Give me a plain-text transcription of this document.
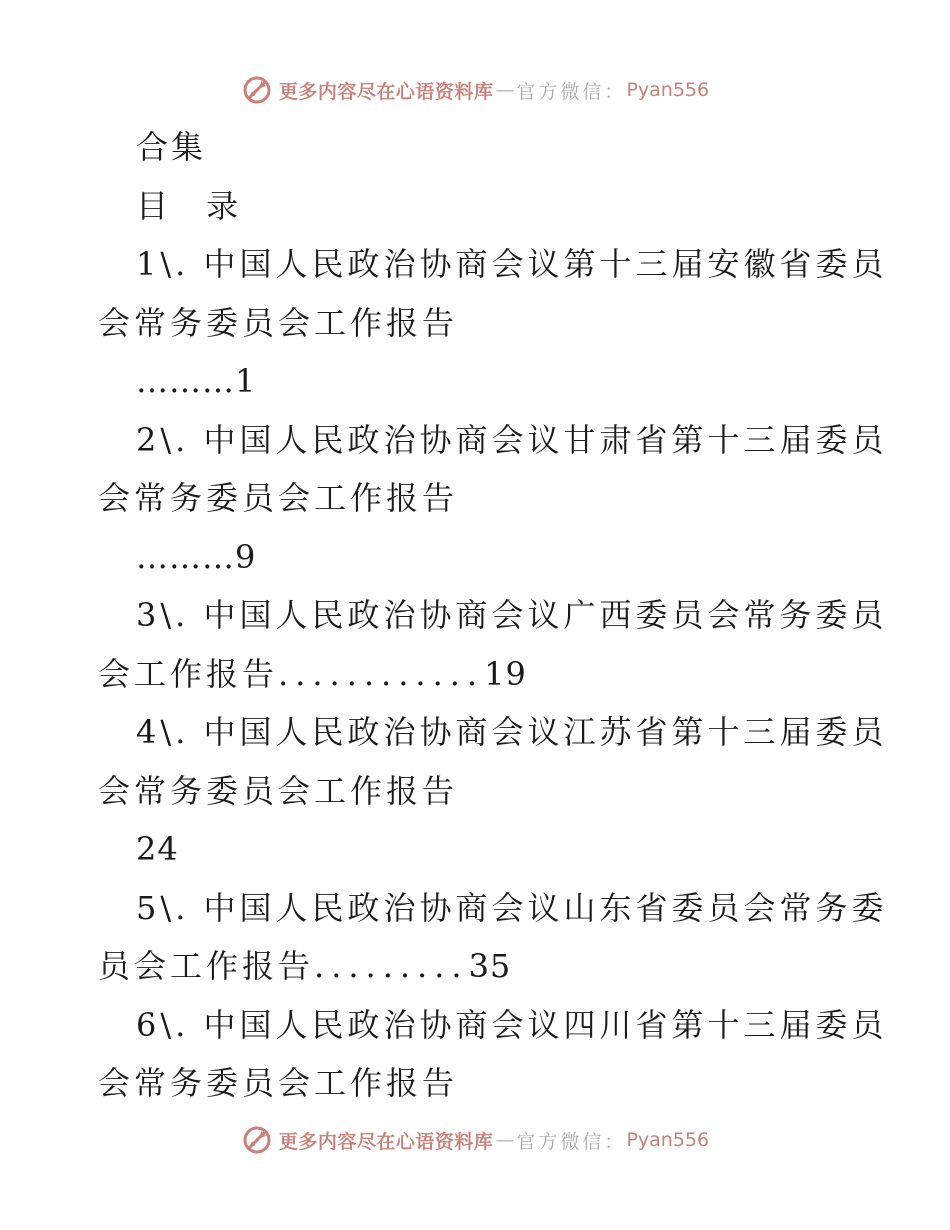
更多内容尽在心语资料库 — 官方微信： Pyan556
合集
目 录
1\. 中国人民政治协商会议第十三届安徽省委员
会常务委员会工作报告
………1
2\. 中国人民政治协商会议甘肃省第十三届委员
会常务委员会工作报告
………9
3\. 中国人民政治协商会议广西委员会常务委员
会工作报告............19
4\. 中国人民政治协商会议江苏省第十三届委员
会常务委员会工作报告
24
5\. 中国人民政治协商会议山东省委员会常务委
员会工作报告.........35
6\. 中国人民政治协商会议四川省第十三届委员
会常务委员会工作报告
更多内容尽在心语资料库 — 官方微信： Pyan556
